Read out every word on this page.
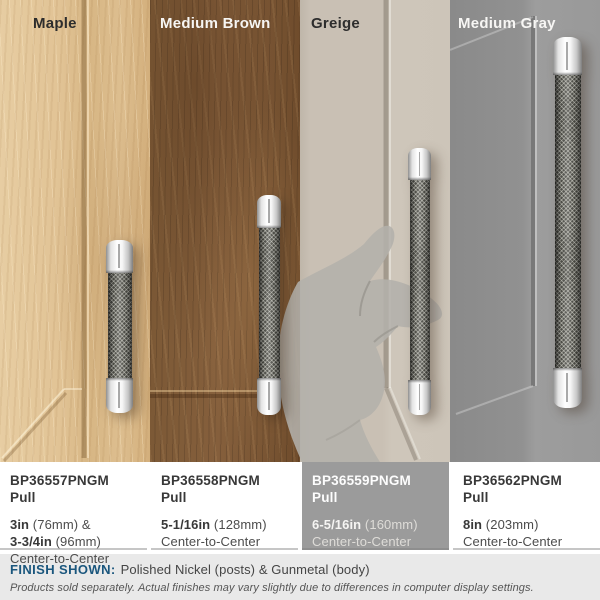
Maple	Medium Brown	Greige	Medium Gray
BP36557PNGM
Pull
3in (76mm) &
3-3/4in (96mm)
Center-to-Center
BP36558PNGM
Pull
5-1/16in (128mm)
Center-to-Center
BP36559PNGM
Pull
6-5/16in (160mm)
Center-to-Center
BP36562PNGM
Pull
8in (203mm)
Center-to-Center
FINISH SHOWN: Polished Nickel (posts) & Gunmetal (body)
Products sold separately. Actual finishes may vary slightly due to differences in computer display settings.
